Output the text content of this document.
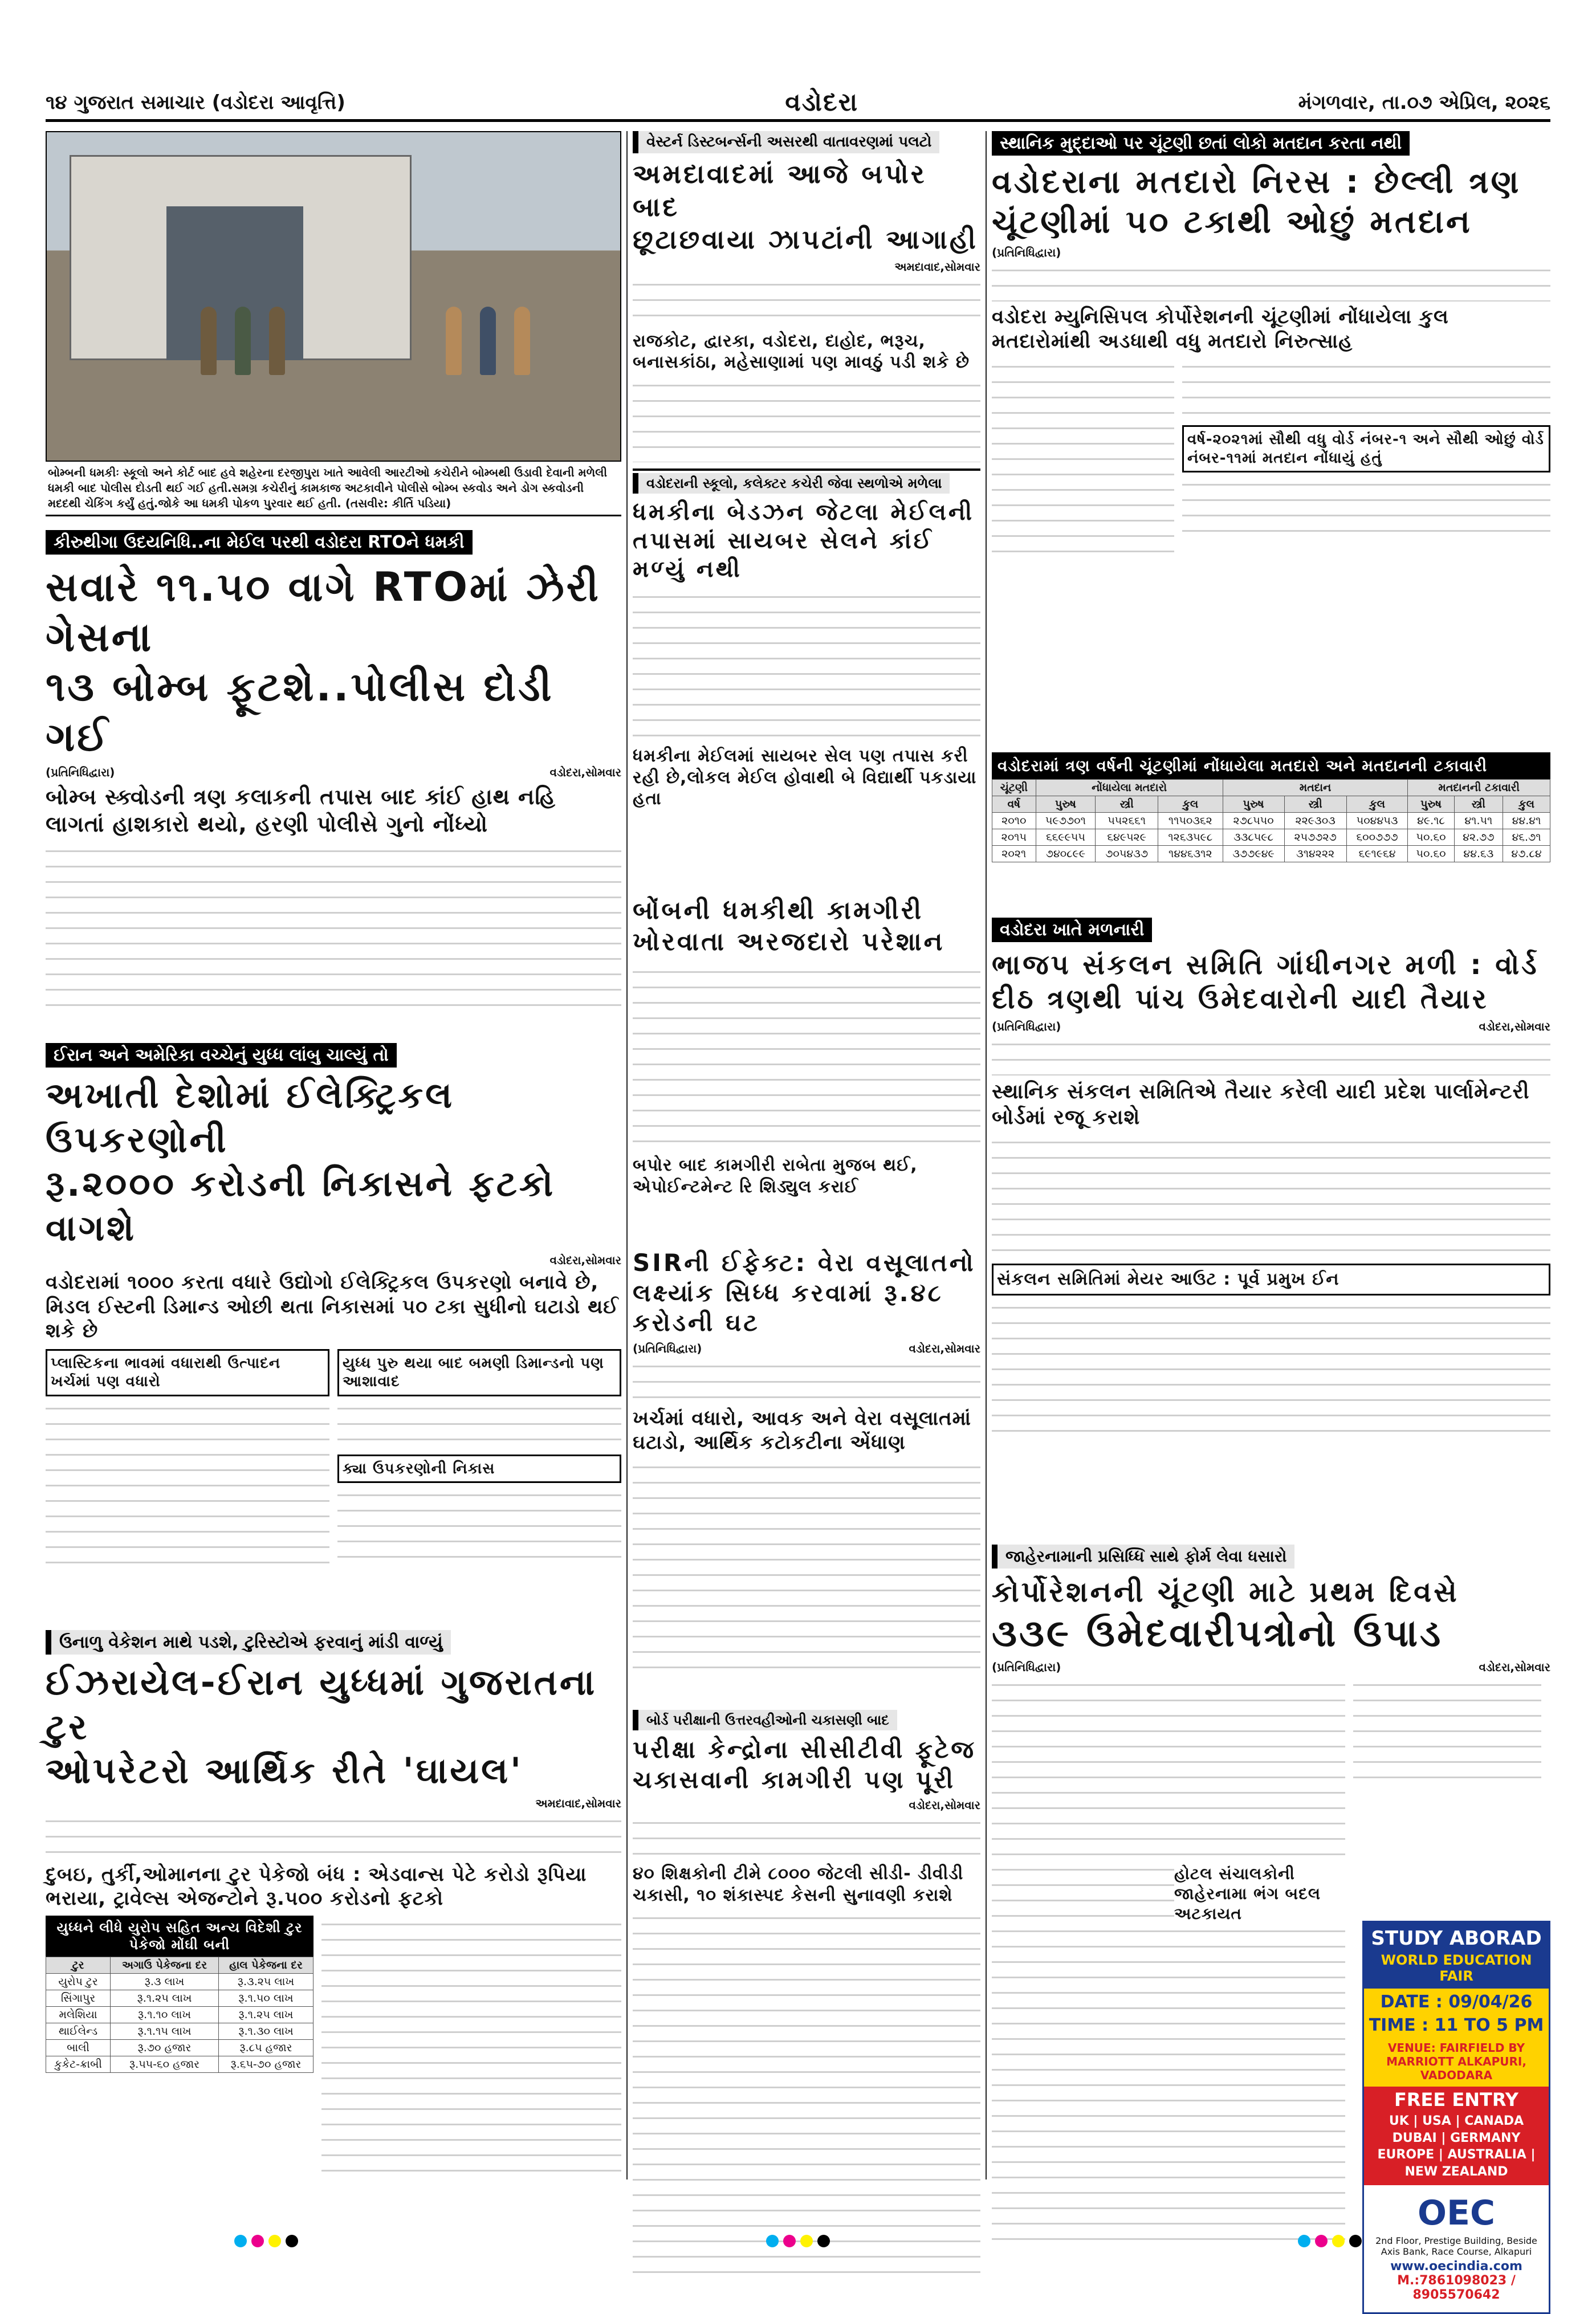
૧૪ ગુજરાત સમાચાર (વડોદરા આવૃત્તિ)	વડોદરા	મંગળવાર, તા.૦૭ એપ્રિલ, ૨૦૨૬
બોમ્બની ધમકીઃ સ્કૂલો અને કોર્ટ બાદ હવે શહેરના દરજીપુરા ખાતે આવેલી આરટીઓ કચેરીને બોમ્બથી ઉડાવી દેવાની મળેલી ધમકી બાદ પોલીસ દોડતી થઈ ગઈ હતી.સમગ્ર કચેરીનું કામકાજ અટકાવીને પોલીસે બોમ્બ સ્કવોડ અને ડોગ સ્કવોડની મદદથી ચેકિંગ કર્યું હતું.જોકે આ ધમકી પોકળ પુરવાર થઈ હતી. (તસવીર: કીર્તિ પડિયા)
કીરુથીગા ઉદયનિધિ..ના મેઈલ પરથી વડોદરા RTOને ધમકી
સવારે ૧૧.૫૦ વાગે RTOમાં ઝેરી ગેસના
૧૩ બોમ્બ ફૂટશે..પોલીસ દોડી ગઈ
(પ્રતિનિધિદ્વારા)	વડોદરા,સોમવાર
બોમ્બ સ્ક્વોડની ત્રણ કલાકની તપાસ બાદ કાંઈ હાથ નહિ લાગતાં હાશકારો થયો, હરણી પોલીસે ગુનો નોંધ્યો
ઈરાન અને અમેરિકા વચ્ચેનું યુધ્ધ લાંબુ ચાલ્યું તો
અખાતી દેશોમાં ઈલેક્ટ્રિકલ ઉપકરણોની
રૂ.૨૦૦૦ કરોડની નિકાસને ફટકો વાગશે
વડોદરા,સોમવાર
વડોદરામાં ૧૦૦૦ કરતા વધારે ઉદ્યોગો ઈલેક્ટ્રિકલ ઉપકરણો બનાવે છે, મિડલ ઈસ્ટની ડિમાન્ડ ઓછી થતા નિકાસમાં ૫૦ ટકા સુધીનો ઘટાડો થઈ શકે છે
પ્લાસ્ટિકના ભાવમાં વધારાથી ઉત્પાદન ખર્ચમાં પણ વધારો
યુધ્ધ પુરુ થયા બાદ બમણી ડિમાન્ડનો પણ આશાવાદ
ક્યા ઉપકરણોની નિકાસ
ઉનાળુ વેકેશન માથે પડશે, ટુરિસ્ટોએ ફરવાનું માંડી વાળ્યું
ઈઝરાયેલ-ઈરાન યુધ્ધમાં ગુજરાતના ટુર
ઓપરેટરો આર્થિક રીતે 'ઘાયલ'
અમદાવાદ,સોમવાર
દુબઇ, તુર્કી,ઓમાનના ટુર પેકેજો બંધ : એડવાન્સ પેટે કરોડો રૂપિયા ભરાયા, ટ્રાવેલ્સ એજન્ટોને રૂ.૫૦૦ કરોડનો ફટકો
યુધ્ધને લીધે યુરોપ સહિત અન્ય વિદેશી ટુર પેકેજો મોંઘી બની
ટુર	અગાઉ પેકેજના દર	હાલ પેકેજના દર
યુરોપ ટુર	રૂ.૩ લાખ	રૂ.૩.૨૫ લાખ
સિંગાપુર	રૂ.૧.૨૫ લાખ	રૂ.૧.૫૦ લાખ
મલેશિયા	રૂ.૧.૧૦ લાખ	રૂ.૧.૨૫ લાખ
થાઈલેન્ડ	રૂ.૧.૧૫ લાખ	રૂ.૧.૩૦ લાખ
બાલી	રૂ.૭૦ હજાર	રૂ.૮૫ હજાર
કુકેટ-ક્રાબી	રૂ.૫૫-૬૦ હજાર	રૂ.૬૫-૭૦ હજાર
વેસ્ટર્ન ડિસ્ટબર્ન્સની અસરથી વાતાવરણમાં પલટો
અમદાવાદમાં આજે બપોર બાદ
છૂટાછવાયા ઝાપટાંની આગાહી
અમદાવાદ,સોમવાર
રાજકોટ, દ્વારકા, વડોદરા, દાહોદ, ભરૂચ, બનાસકાંઠા, મહેસાણામાં પણ માવઠું પડી શકે છે
વડોદરાની સ્કૂલો, કલેક્ટર કચેરી જેવા સ્થળોએ મળેલા
ધમકીના બેડઝન જેટલા મેઈલની તપાસમાં સાયબર સેલને કાંઈ મળ્યું નથી
ધમકીના મેઈલમાં સાયબર સેલ પણ તપાસ કરી રહી છે,લોકલ મેઈલ હોવાથી બે વિદ્યાર્થી પકડાયા હતા
બોંબની ધમકીથી કામગીરી ખોરવાતા અરજદારો પરેશાન
બપોર બાદ કામગીરી રાબેતા મુજબ થઈ, એપોઈન્ટમેન્ટ રિ શિડ્યુલ કરાઈ
SIRની ઈફેક્ટ: વેરા વસૂલાતનો લક્ષ્યાંક સિધ્ધ કરવામાં રૂ.૪૮ કરોડની ઘટ
(પ્રતિનિધિદ્વારા)	વડોદરા,સોમવાર
ખર્ચમાં વધારો, આવક અને વેરા વસૂલાતમાં ઘટાડો, આર્થિક કટોકટીના એંધાણ
બોર્ડ પરીક્ષાની ઉત્તરવહીઓની ચકાસણી બાદ
પરીક્ષા કેન્દ્રોના સીસીટીવી ફૂટેજ ચકાસવાની કામગીરી પણ પૂરી
વડોદરા,સોમવાર
૪૦ શિક્ષકોની ટીમે ૮૦૦૦ જેટલી સીડી- ડીવીડી ચકાસી, ૧૦ શંકાસ્પદ કેસની સુનાવણી કરાશે
સ્થાનિક મુદ્દાઓ પર ચૂંટણી છતાં લોકો મતદાન કરતા નથી
વડોદરાના મતદારો નિરસ : છેલ્લી ત્રણ
ચૂંટણીમાં ૫૦ ટકાથી ઓછું મતદાન
(પ્રતિનિધિદ્વારા)
વડોદરા મ્યુનિસિપલ કોર્પોરેશનની ચૂંટણીમાં નોંધાયેલા કુલ મતદારોમાંથી અડધાથી વધુ મતદારો નિરુત્સાહ
વર્ષ-૨૦૨૧માં સૌથી વધુ વોર્ડ નંબર-૧ અને સૌથી ઓછું વોર્ડ નંબર-૧૧માં મતદાન નોંધાયું હતું
વડોદરામાં ત્રણ વર્ષની ચૂંટણીમાં નોંધાયેલા મતદારો અને મતદાનની ટકાવારી
ચૂંટણી	નોંધાયેલા મતદારો			મતદાન			મતદાનની ટકાવારી		
વર્ષ	પુરુષ	સ્ત્રી	કુલ	પુરુષ	સ્ત્રી	કુલ	પુરુષ	સ્ત્રી	કુલ
૨૦૧૦	૫૯૭૭૦૧	૫૫૨૬૬૧	૧૧૫૦૩૬૨	૨૭૮૫૫૦	૨૨૯૩૦૩	૫૦૪૪૫૩	૪૯.૧૮	૪૧.૫૧	૪૪.૪૧
૨૦૧૫	૬૬૯૯૫૫	૬૪૯૫૨૯	૧૨૬૩૫૯૮	૩૩૮૫૯૮	૨૫૭૭૨૭	૬૦૦૭૭૭	૫૦.૬૦	૪૨.૭૭	૪૬.૭૧
૨૦૨૧	૭૪૦૮૯૯	૭૦૫૪૩૭	૧૪૪૬૩૧૨	૩૭૭૯૪૯	૩૧૪૨૨૨	૬૯૧૯૬૪	૫૦.૬૦	૪૪.૬૩	૪૭.૮૪
વડોદરા ખાતે મળનારી
ભાજપ સંકલન સમિતિ ગાંધીનગર મળી : વોર્ડ
દીઠ ત્રણથી પાંચ ઉમેદવારોની યાદી તૈયાર
(પ્રતિનિધિદ્વારા)	વડોદરા,સોમવાર
સ્થાનિક સંકલન સમિતિએ તૈયાર કરેલી યાદી પ્રદેશ પાર્લામેન્ટરી બોર્ડમાં રજૂ કરાશે
સંકલન સમિતિમાં મેયર આઉટ : પૂર્વ પ્રમુખ ઈન
જાહેરનામાની પ્રસિધ્ધિ સાથે ફોર્મ લેવા ધસારો
કોર્પોરેશનની ચૂંટણી માટે પ્રથમ દિવસે
૩૩૯ ઉમેદવારીપત્રોનો ઉપાડ
(પ્રતિનિધિદ્વારા)	વડોદરા,સોમવાર
હોટલ સંચાલકોની જાહેરનામા ભંગ બદલ અટકાયત
STUDY ABORAD
WORLD EDUCATION FAIR
DATE : 09/04/26
TIME : 11 TO 5 PM
VENUE: FAIRFIELD BY MARRIOTT ALKAPURI, VADODARA
FREE ENTRY
UK | USA | CANADA DUBAI | GERMANY EUROPE | AUSTRALIA | NEW ZEALAND
OEC
2nd Floor, Prestige Building, Beside Axis Bank, Race Course, Alkapuri
www.oecindia.com
M.:7861098023 / 8905570642
